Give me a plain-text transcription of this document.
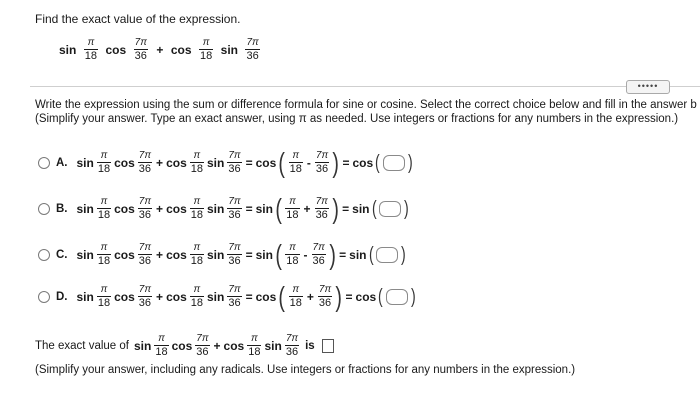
Find the exact value of the expression.
$\sin \frac{\pi}{18}$ $\cos \frac{7\pi}{36} + \cos \frac{\pi}{18}$ $\sin \frac{7\pi}{36}$
•••••
Write the expression using the sum or difference formula for sine or cosine. Select the correct choice below and fill in the answer b
(Simplify your answer. Type an exact answer, using π as needed. Use integers or fractions for any numbers in the expression.)
A. $\sin \frac{\pi}{18}$ $\cos \frac{7\pi}{36} + \cos \frac{\pi}{18}$ $\sin \frac{7\pi}{36} = \cos$ ( $\frac{\pi}{18} - \frac{7\pi}{36}$ ) = cos ( )
B. $\sin \frac{\pi}{18}$ $\cos \frac{7\pi}{36} + \cos \frac{\pi}{18}$ $\sin \frac{7\pi}{36} = \sin$ ( $\frac{\pi}{18} + \frac{7\pi}{36}$ ) = sin ( )
C. $\sin \frac{\pi}{18}$ $\cos \frac{7\pi}{36} + \cos \frac{\pi}{18}$ $\sin \frac{7\pi}{36} = \sin$ ( $\frac{\pi}{18} - \frac{7\pi}{36}$ ) = sin ( )
D. $\sin \frac{\pi}{18}$ $\cos \frac{7\pi}{36} + \cos \frac{\pi}{18}$ $\sin \frac{7\pi}{36} = \cos$ ( $\frac{\pi}{18} + \frac{7\pi}{36}$ ) = cos ( )
The exact value of $\sin \frac{\pi}{18}$ $\cos \frac{7\pi}{36} + \cos \frac{\pi}{18}$ $\sin \frac{7\pi}{36}$ is
(Simplify your answer, including any radicals. Use integers or fractions for any numbers in the expression.)
